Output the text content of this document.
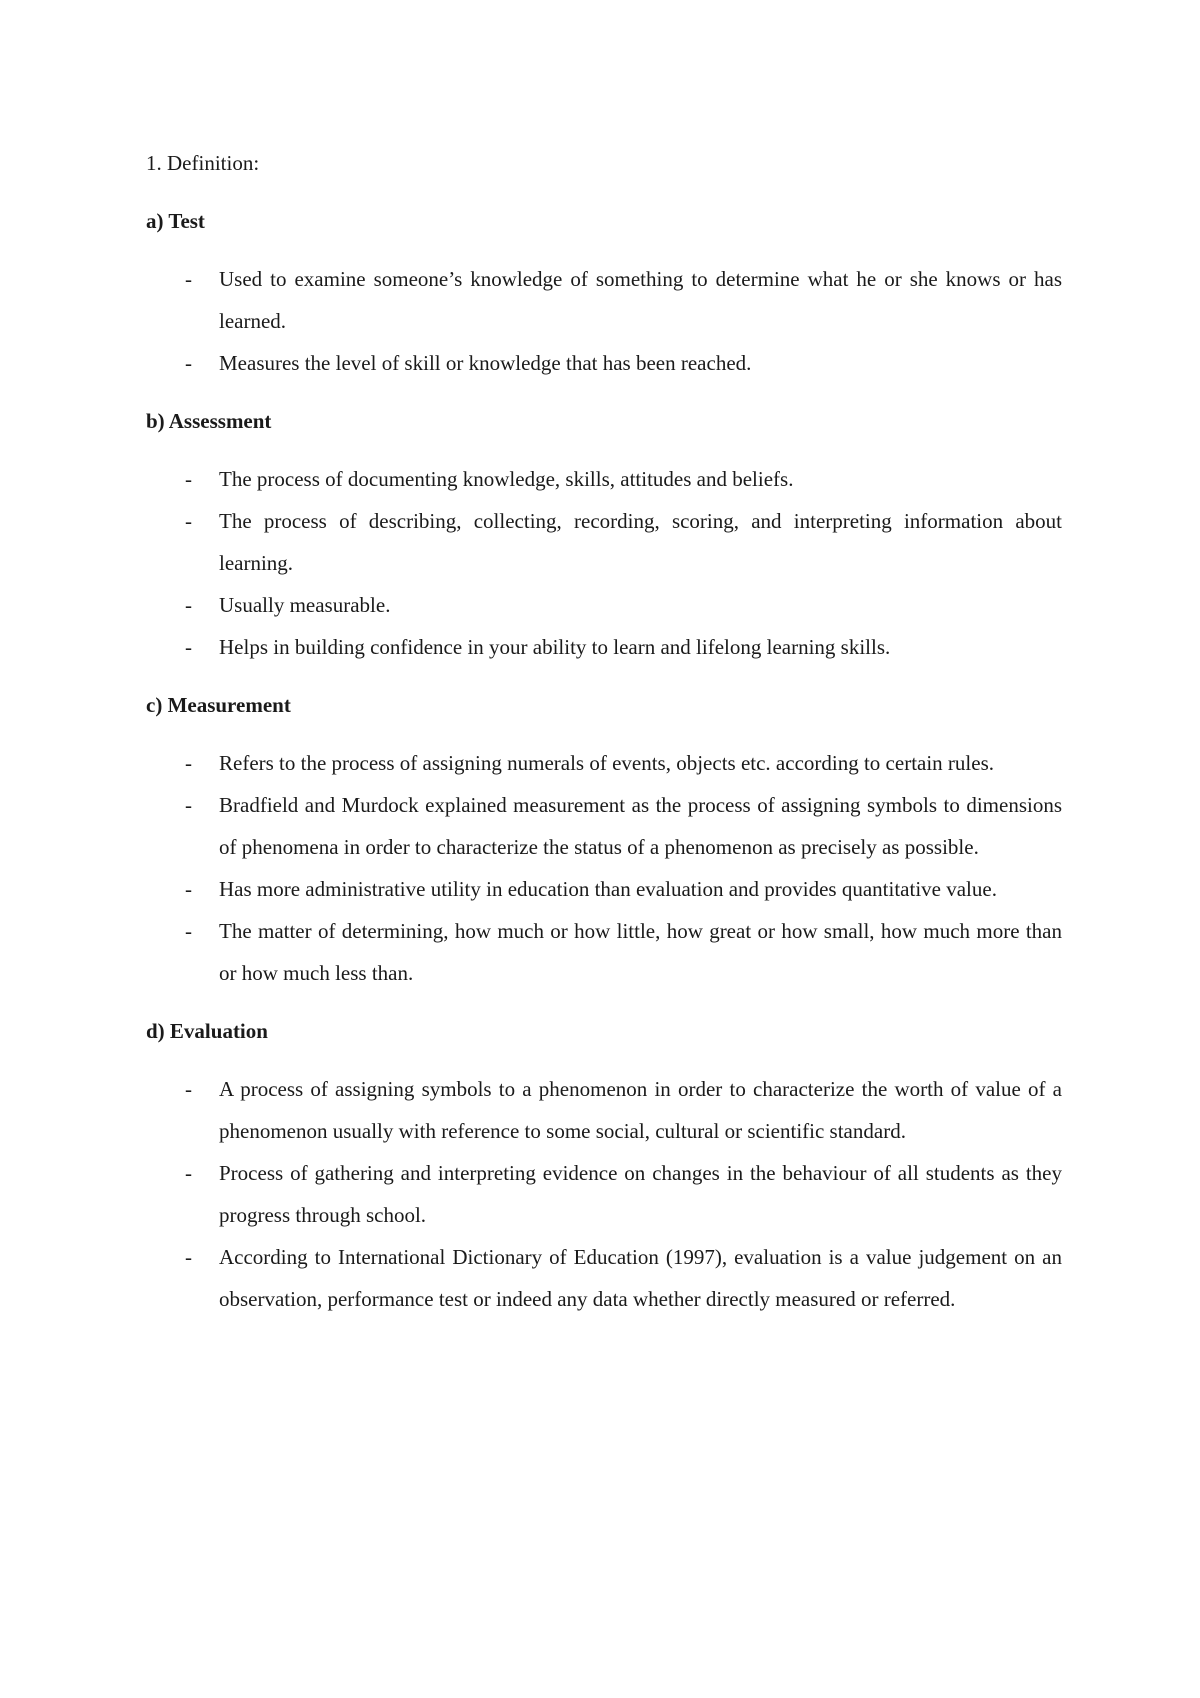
1. Definition:
a) Test
- Used to examine someone’s knowledge of something to determine what he or she knows or has learned.
- Measures the level of skill or knowledge that has been reached.
b) Assessment
- The process of documenting knowledge, skills, attitudes and beliefs.
- The process of describing, collecting, recording, scoring, and interpreting information about learning.
- Usually measurable.
- Helps in building confidence in your ability to learn and lifelong learning skills.
c) Measurement
- Refers to the process of assigning numerals of events, objects etc. according to certain rules.
- Bradfield and Murdock explained measurement as the process of assigning symbols to dimensions of phenomena in order to characterize the status of a phenomenon as precisely as possible.
- Has more administrative utility in education than evaluation and provides quantitative value.
- The matter of determining, how much or how little, how great or how small, how much more than or how much less than.
d) Evaluation
- A process of assigning symbols to a phenomenon in order to characterize the worth of value of a phenomenon usually with reference to some social, cultural or scientific standard.
- Process of gathering and interpreting evidence on changes in the behaviour of all students as they progress through school.
- According to International Dictionary of Education (1997), evaluation is a value judgement on an observation, performance test or indeed any data whether directly measured or referred.
